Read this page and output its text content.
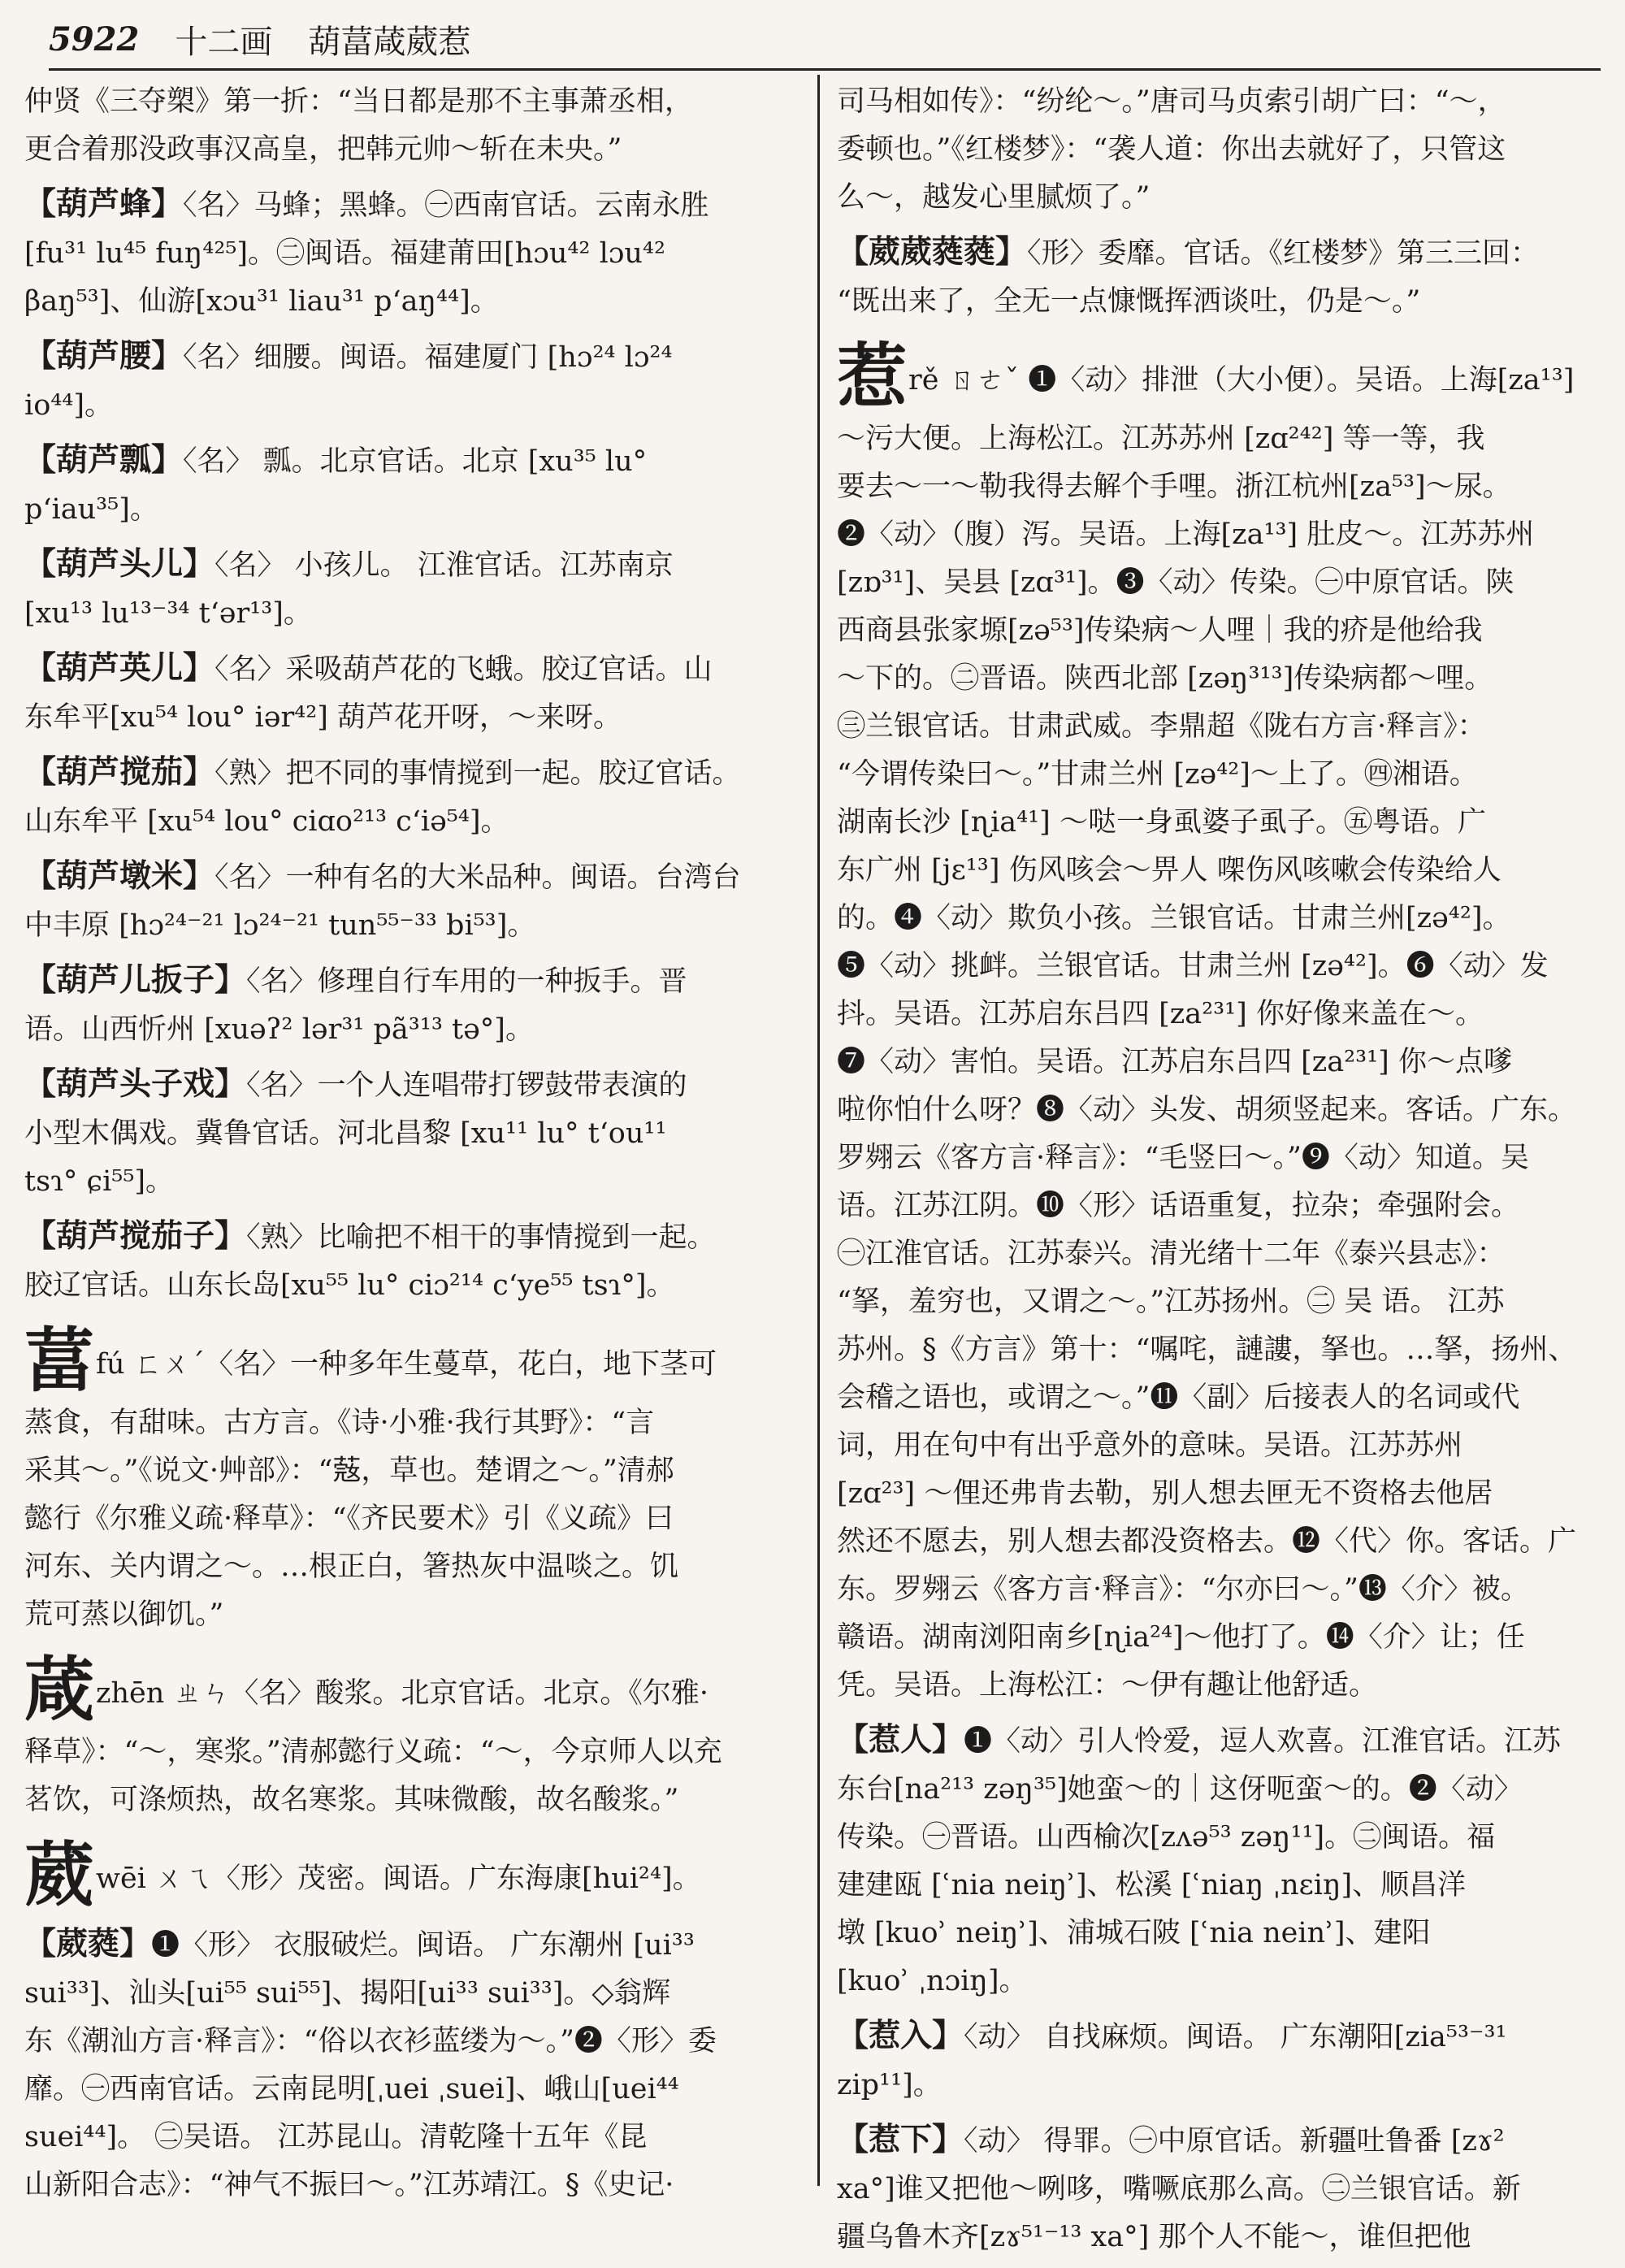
5922 十二画 葫葍葴葳惹
仲贤《三夺槊》第一折：“当日都是那不主事萧丞相，
更合着那没政事汉高皇，把韩元帅～斩在未央。”
【葫芦蜂】〈名〉马蜂；黑蜂。㊀西南官话。云南永胜
[fu³¹ lu⁴⁵ fuŋ⁴²⁵]。㊁闽语。福建莆田[hɔu⁴² lɔu⁴²
βaŋ⁵³]、仙游[xɔu³¹ liau³¹ pʻaŋ⁴⁴]。
【葫芦腰】〈名〉细腰。闽语。福建厦门 [hɔ²⁴ lɔ²⁴
io⁴⁴]。
【葫芦瓢】〈名〉 瓢。北京官话。北京 [xu³⁵ lu°
pʻiau³⁵]。
【葫芦头儿】〈名〉 小孩儿。 江淮官话。江苏南京
[xu¹³ lu¹³⁻³⁴ tʻər¹³]。
【葫芦英儿】〈名〉采吸葫芦花的飞蛾。胶辽官话。山
东牟平[xu⁵⁴ lou° iər⁴²] 葫芦花开呀，～来呀。
【葫芦搅茄】〈熟〉把不同的事情搅到一起。胶辽官话。
山东牟平 [xu⁵⁴ lou° ciɑo²¹³ cʻiə⁵⁴]。
【葫芦墩米】〈名〉一种有名的大米品种。闽语。台湾台
中丰原 [hɔ²⁴⁻²¹ lɔ²⁴⁻²¹ tun⁵⁵⁻³³ bi⁵³]。
【葫芦儿扳子】〈名〉修理自行车用的一种扳手。晋
语。山西忻州 [xuəʔ² lər³¹ pã³¹³ tə°]。
【葫芦头子戏】〈名〉一个人连唱带打锣鼓带表演的
小型木偶戏。冀鲁官话。河北昌黎 [xu¹¹ lu° tʻou¹¹
tsɿ° ɕi⁵⁵]。
【葫芦搅茄子】〈熟〉比喻把不相干的事情搅到一起。
胶辽官话。山东长岛[xu⁵⁵ lu° ciɔ²¹⁴ cʻye⁵⁵ tsɿ°]。
葍fú ㄈㄨˊ〈名〉一种多年生蔓草，花白，地下茎可
蒸食，有甜味。古方言。《诗·小雅·我行其野》：“言
采其～。”《说文·艸部》：“𦶲，草也。楚谓之～。”清郝
懿行《尔雅义疏·释草》：“《齐民要术》引《义疏》曰
河东、关内谓之～。…根正白，箸热灰中温啖之。饥
荒可蒸以御饥。”
葴zhēn ㄓㄣ〈名〉酸浆。北京官话。北京。《尔雅·
释草》：“～，寒浆。”清郝懿行义疏：“～，今京师人以充
茗饮，可涤烦热，故名寒浆。其味微酸，故名酸浆。”
葳wēi ㄨㄟ〈形〉茂密。闽语。广东海康[hui²⁴]。
【葳蕤】❶〈形〉 衣服破烂。闽语。 广东潮州 [ui³³
sui³³]、汕头[ui⁵⁵ sui⁵⁵]、揭阳[ui³³ sui³³]。◇翁辉
东《潮汕方言·释言》：“俗以衣衫蓝缕为～。”❷〈形〉委
靡。㊀西南官话。云南昆明[ˌuei ˌsuei]、峨山[uei⁴⁴
suei⁴⁴]。 ㊁吴语。 江苏昆山。清乾隆十五年《昆
山新阳合志》：“神气不振曰～。”江苏靖江。§《史记·
司马相如传》：“纷纶～。”唐司马贞索引胡广曰：“～，
委顿也。”《红楼梦》：“袭人道：你出去就好了，只管这
么～，越发心里腻烦了。”
【葳葳蕤蕤】〈形〉委靡。官话。《红楼梦》第三三回：
“既出来了，全无一点慷慨挥洒谈吐，仍是～。”
惹rě ㄖㄜˇ ❶〈动〉排泄（大小便）。吴语。上海[za¹³]
～污大便。上海松江。江苏苏州 [zɑ²⁴²] 等一等，我
要去～一～勒我得去解个手哩。浙江杭州[za⁵³]～尿。
❷〈动〉（腹）泻。吴语。上海[za¹³] 肚皮～。江苏苏州
[zɒ³¹]、吴县 [zɑ³¹]。❸〈动〉传染。㊀中原官话。陕
西商县张家塬[zə⁵³]传染病～人哩｜我的疥是他给我
～下的。㊁晋语。陕西北部 [zəŋ³¹³]传染病都～哩。
㊂兰银官话。甘肃武威。李鼎超《陇右方言·释言》：
“今谓传染曰～。”甘肃兰州 [zə⁴²]～上了。㊃湘语。
湖南长沙 [ɳia⁴¹] ～哒一身虱婆子虱子。㊄粤语。广
东广州 [jɛ¹³] 伤风咳会～畀人 㗎伤风咳嗽会传染给人
的。❹〈动〉欺负小孩。兰银官话。甘肃兰州[zə⁴²]。
❺〈动〉挑衅。兰银官话。甘肃兰州 [zə⁴²]。❻〈动〉发
抖。吴语。江苏启东吕四 [za²³¹] 你好像来盖在～。
❼〈动〉害怕。吴语。江苏启东吕四 [za²³¹] 你～点嗲
啦你怕什么呀？❽〈动〉头发、胡须竖起来。客话。广东。
罗翙云《客方言·释言》：“毛竖曰～。”❾〈动〉知道。吴
语。江苏江阴。❿〈形〉话语重复，拉杂；牵强附会。
㊀江淮官话。江苏泰兴。清光绪十二年《泰兴县志》：
“拏，羞穷也，又谓之～。”江苏扬州。㊁ 吴 语。 江苏
苏州。§《方言》第十：“嘱咤，謰謱，拏也。…拏，扬州、
会稽之语也，或谓之～。”⓫〈副〉后接表人的名词或代
词，用在句中有出乎意外的意味。吴语。江苏苏州
[zɑ²³] ～俚还弗肯去勒，别人想去匣无不资格去他居
然还不愿去，别人想去都没资格去。⓬〈代〉你。客话。广
东。罗翙云《客方言·释言》：“尔亦曰～。”⓭〈介〉被。
赣语。湖南浏阳南乡[ɳia²⁴]～他打了。⓮〈介〉让；任
凭。吴语。上海松江：～伊有趣让他舒适。
【惹人】❶〈动〉引人怜爱，逗人欢喜。江淮官话。江苏
东台[na²¹³ zəŋ³⁵]她蛮～的｜这伢呃蛮～的。❷〈动〉
传染。㊀晋语。山西榆次[zʌə⁵³ zəŋ¹¹]。㊁闽语。福
建建瓯 [ʿnia neiŋʾ]、松溪 [ʿniaŋ ˌnɛiŋ]、顺昌洋
墩 [kuoʾ neiŋʾ]、浦城石陂 [ʿnia neinʾ]、建阳
[kuoʾ ˌnɔiŋ]。
【惹入】〈动〉 自找麻烦。闽语。 广东潮阳[zia⁵³⁻³¹
zip¹¹]。
【惹下】〈动〉 得罪。㊀中原官话。新疆吐鲁番 [zɤ²
xa°]谁又把他～咧哆，嘴噘底那么高。㊁兰银官话。新
疆乌鲁木齐[zɤ⁵¹⁻¹³ xa°] 那个人不能～，谁但把他
